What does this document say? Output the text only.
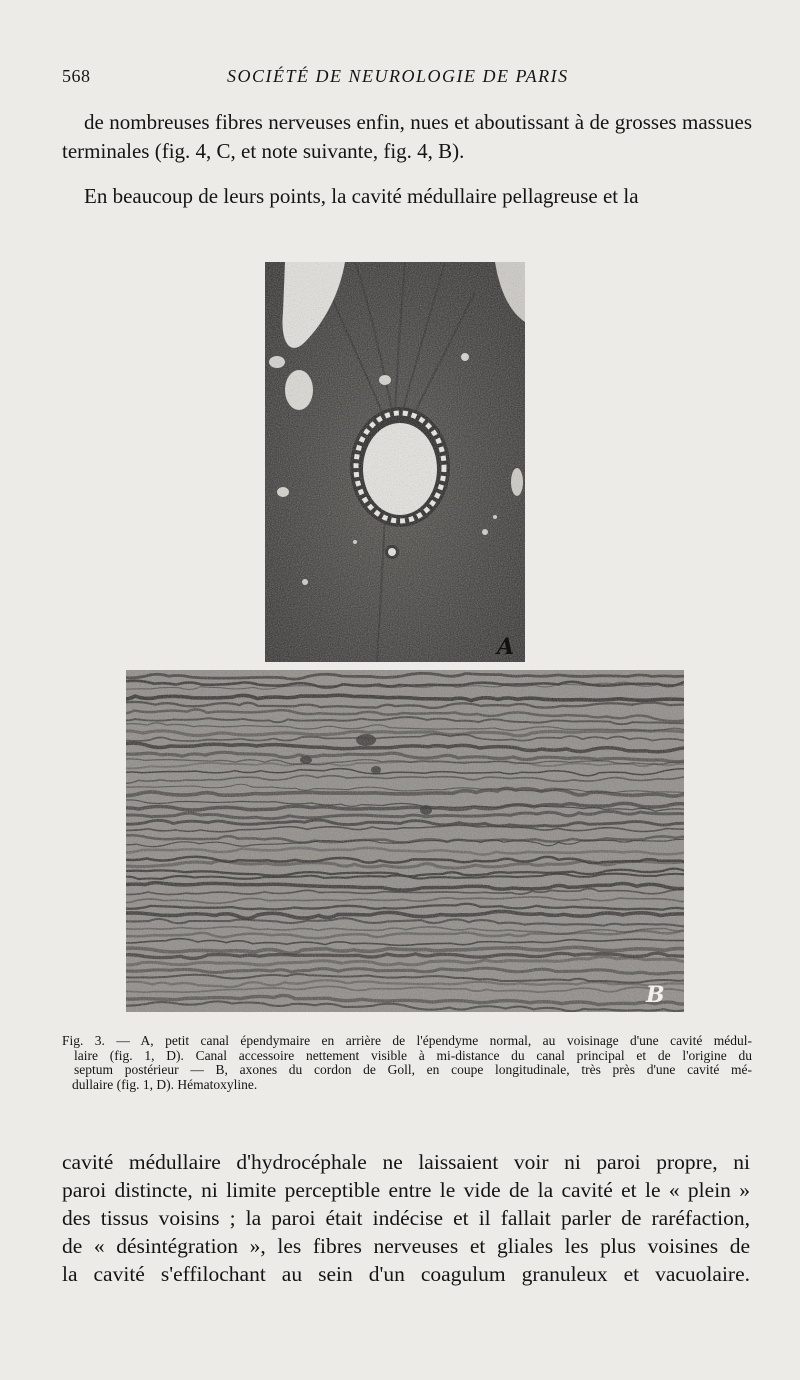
568	SOCIÉTÉ DE NEUROLOGIE DE PARIS
de nombreuses fibres nerveuses enfin, nues et aboutissant à de grosses massues terminales (fig. 4, C, et note suivante, fig. 4, B).
En beaucoup de leurs points, la cavité médullaire pellagreuse et la
A
B
Fig. 3. — A, petit canal épendymaire en arrière de l'épendyme normal, au voisinage d'une cavité médul-
laire (fig. 1, D). Canal accessoire nettement visible à mi-distance du canal principal et de l'origine du
septum postérieur — B, axones du cordon de Goll, en coupe longitudinale, très près d'une cavité mé-
dullaire (fig. 1, D). Hématoxyline.
cavité médullaire d'hydrocéphale ne laissaient voir ni paroi propre, ni
paroi distincte, ni limite perceptible entre le vide de la cavité et le « plein »
des tissus voisins ; la paroi était indécise et il fallait parler de raréfaction,
de « désintégration », les fibres nerveuses et gliales les plus voisines de
la cavité s'effilochant au sein d'un coagulum granuleux et vacuolaire.
